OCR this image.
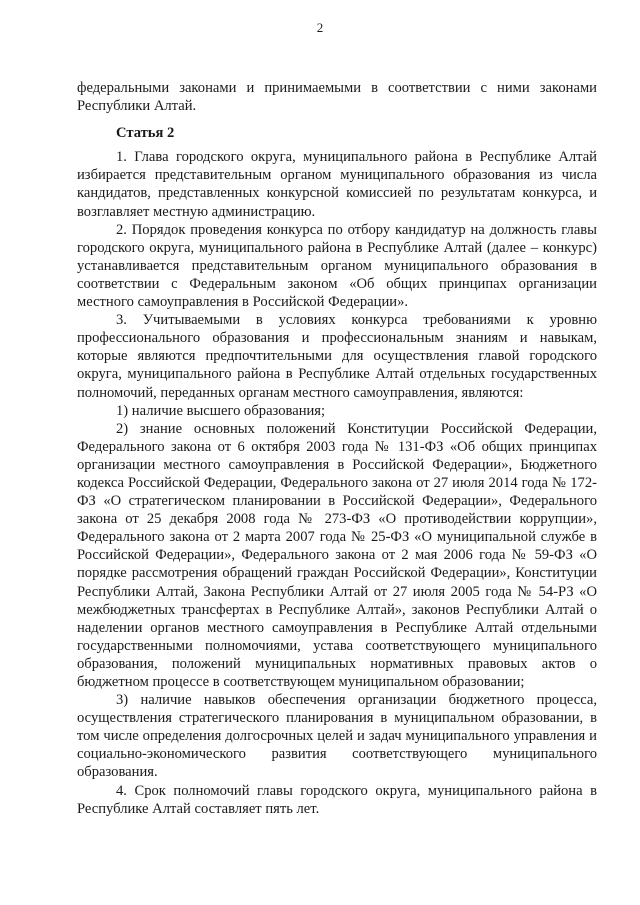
2

федеральными законами и принимаемыми в соответствии с ними законами Республики Алтай.

Статья 2

1. Глава городского округа, муниципального района в Республике Алтай избирается представительным органом муниципального образования из числа кандидатов, представленных конкурсной комиссией по результатам конкурса, и возглавляет местную администрацию.

2. Порядок проведения конкурса по отбору кандидатур на должность главы городского округа, муниципального района в Республике Алтай (далее – конкурс) устанавливается представительным органом муниципального образования в соответствии с Федеральным законом «Об общих принципах организации местного самоуправления в Российской Федерации».

3. Учитываемыми в условиях конкурса требованиями к уровню профессионального образования и профессиональным знаниям и навыкам, которые являются предпочтительными для осуществления главой городского округа, муниципального района в Республике Алтай отдельных государственных полномочий, переданных органам местного самоуправления, являются:

1) наличие высшего образования;

2) знание основных положений Конституции Российской Федерации, Федерального закона от 6 октября 2003 года № 131-ФЗ «Об общих принципах организации местного самоуправления в Российской Федерации», Бюджетного кодекса Российской Федерации, Федерального закона от 27 июля 2014 года № 172-ФЗ «О стратегическом планировании в Российской Федерации», Федерального закона от 25 декабря 2008 года № 273-ФЗ «О противодействии коррупции», Федерального закона от 2 марта 2007 года № 25-ФЗ «О муниципальной службе в Российской Федерации», Федерального закона от 2 мая 2006 года № 59-ФЗ «О порядке рассмотрения обращений граждан Российской Федерации», Конституции Республики Алтай, Закона Республики Алтай от 27 июля 2005 года № 54-РЗ «О межбюджетных трансфертах в Республике Алтай», законов Республики Алтай о наделении органов местного самоуправления в Республике Алтай отдельными государственными полномочиями, устава соответствующего муниципального образования, положений муниципальных нормативных правовых актов о бюджетном процессе в соответствующем муниципальном образовании;

3) наличие навыков обеспечения организации бюджетного процесса, осуществления стратегического планирования в муниципальном образовании, в том числе определения долгосрочных целей и задач муниципального управления и социально-экономического развития соответствующего муниципального образования.

4. Срок полномочий главы городского округа, муниципального района в Республике Алтай составляет пять лет.
